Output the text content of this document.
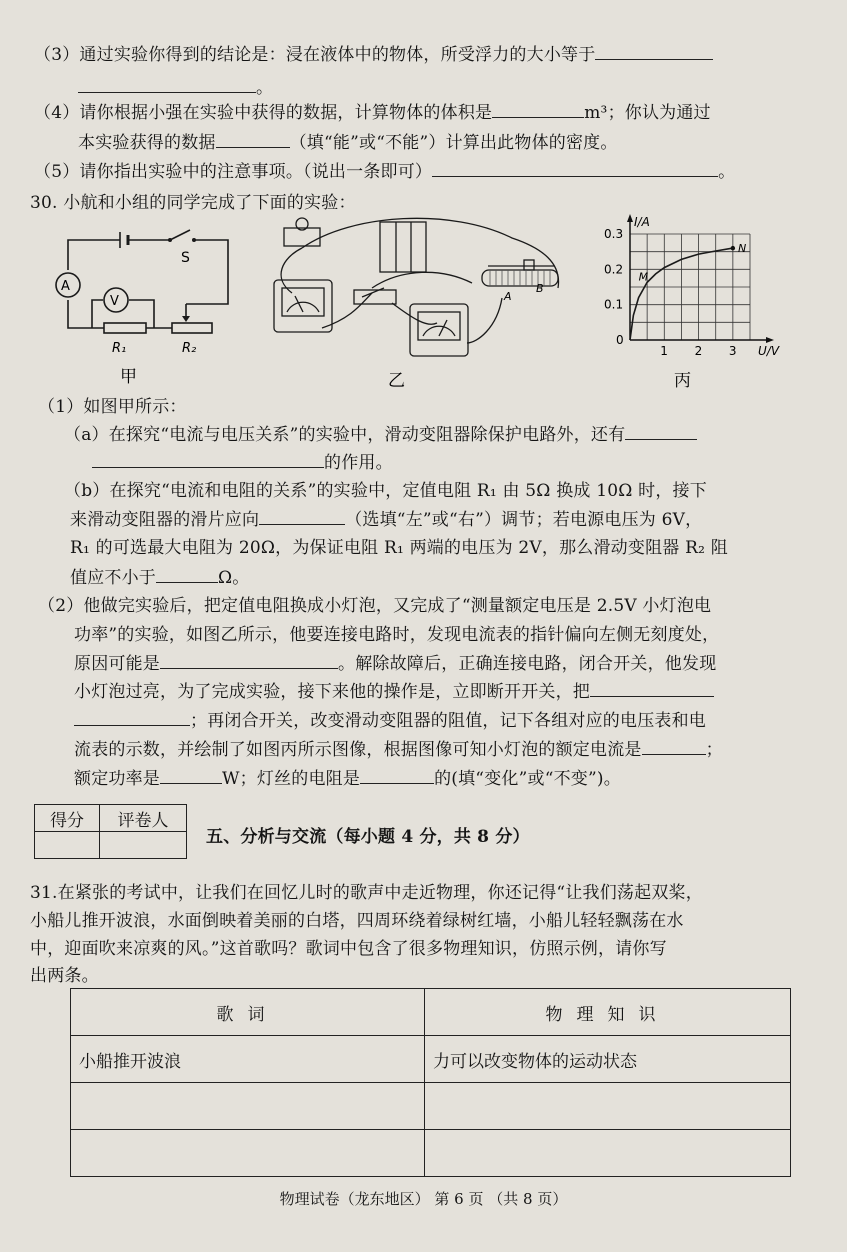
（3）通过实验你得到的结论是：浸在液体中的物体，所受浮力的大小等于
。
（4）请你根据小强在实验中获得的数据，计算物体的体积是	m³；你认为通过
本实验获得的数据	（填“能”或“不能”）计算出此物体的密度。
（5）请你指出实验中的注意事项。（说出一条即可）	。
30. 小航和小组的同学完成了下面的实验：
A
V
S
R₁	R₂
甲
A
B
乙
1 2 3
0.1
0.2
0.3
0
I/A
U/V
M
N
丙
（1）如图甲所示：
（a）在探究“电流与电压关系”的实验中，滑动变阻器除保护电路外，还有
的作用。
（b）在探究“电流和电阻的关系”的实验中，定值电阻 R₁ 由 5Ω 换成 10Ω 时，接下
来滑动变阻器的滑片应向	（选填“左”或“右”）调节；若电源电压为 6V，
R₁ 的可选最大电阻为 20Ω，为保证电阻 R₁ 两端的电压为 2V，那么滑动变阻器 R₂ 阻
值应不小于	Ω。
（2）他做完实验后，把定值电阻换成小灯泡，又完成了“测量额定电压是 2.5V 小灯泡电
功率”的实验，如图乙所示，他要连接电路时，发现电流表的指针偏向左侧无刻度处，
原因可能是	。解除故障后，正确连接电路，闭合开关，他发现
小灯泡过亮，为了完成实验，接下来他的操作是，立即断开开关，把
；再闭合开关，改变滑动变阻器的阻值，记下各组对应的电压表和电
流表的示数，并绘制了如图丙所示图像，根据图像可知小灯泡的额定电流是	；
额定功率是	W；灯丝的电阻是	的(填“变化”或“不变”)。
得分	评卷人

五、分析与交流（每小题 4 分，共 8 分）
31.在紧张的考试中，让我们在回忆儿时的歌声中走近物理，你还记得“让我们荡起双桨，
小船儿推开波浪，水面倒映着美丽的白塔，四周环绕着绿树红墙，小船儿轻轻飘荡在水
中，迎面吹来凉爽的风。”这首歌吗？歌词中包含了很多物理知识，仿照示例，请你写
出两条。
歌词	物理知识
小船推开波浪	力可以改变物体的运动状态

物理试卷（龙东地区） 第 6 页 （共 8 页）
